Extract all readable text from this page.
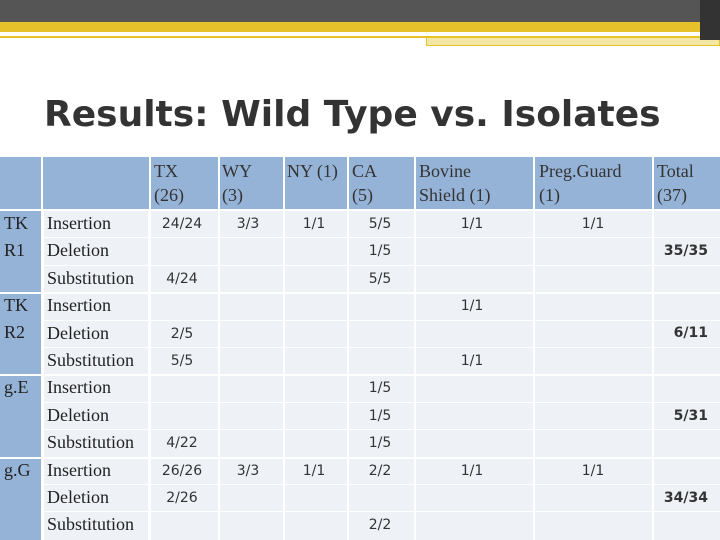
Results: Wild Type vs. Isolates
TX
(26)
WY
(3)
NY (1) CA
(5)
Bovine
Shield (1)
Preg.Guard
(1)
Total
(37)
TK
R1
TK
R2
g.E
g.G
Insertion
Deletion
Substitution
Insertion
Deletion
Substitution
Insertion
Deletion
Substitution
Insertion
Deletion
Substitution
24/24
4/24
2/5
5/5
4/22
26/26
2/26
3/3
3/3
1/1
1/1
5/5
1/5
5/5
1/5
1/5
1/5
2/2
2/2
1/1
1/1
1/1
1/1
1/1
1/1
35/35
6/11
5/31
34/34
